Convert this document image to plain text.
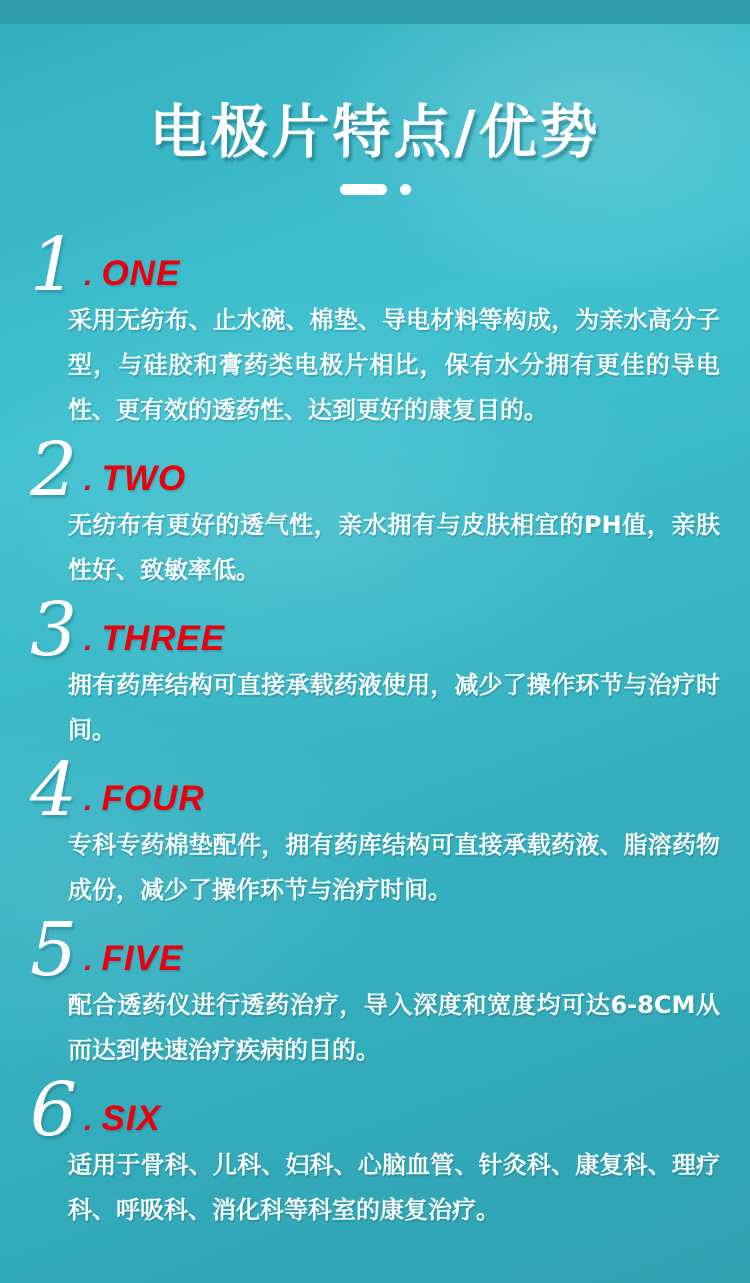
电极片特点/优势
1 . ONE

采用无纺布、止水碗、棉垫、导电材料等构成，为亲水高分子型，与硅胶和膏药类电极片相比，保有水分拥有更佳的导电性、更有效的透药性、达到更好的康复目的。

2 . TWO

无纺布有更好的透气性，亲水拥有与皮肤相宜的PH值，亲肤性好、致敏率低。

3 . THREE

拥有药库结构可直接承载药液使用，减少了操作环节与治疗时间。

4 . FOUR

专科专药棉垫配件，拥有药库结构可直接承载药液、脂溶药物成份，减少了操作环节与治疗时间。

5 . FIVE

配合透药仪进行透药治疗，导入深度和宽度均可达6-8CM从而达到快速治疗疾病的目的。

6 . SIX

适用于骨科、儿科、妇科、心脑血管、针灸科、康复科、理疗科、呼吸科、消化科等科室的康复治疗。
